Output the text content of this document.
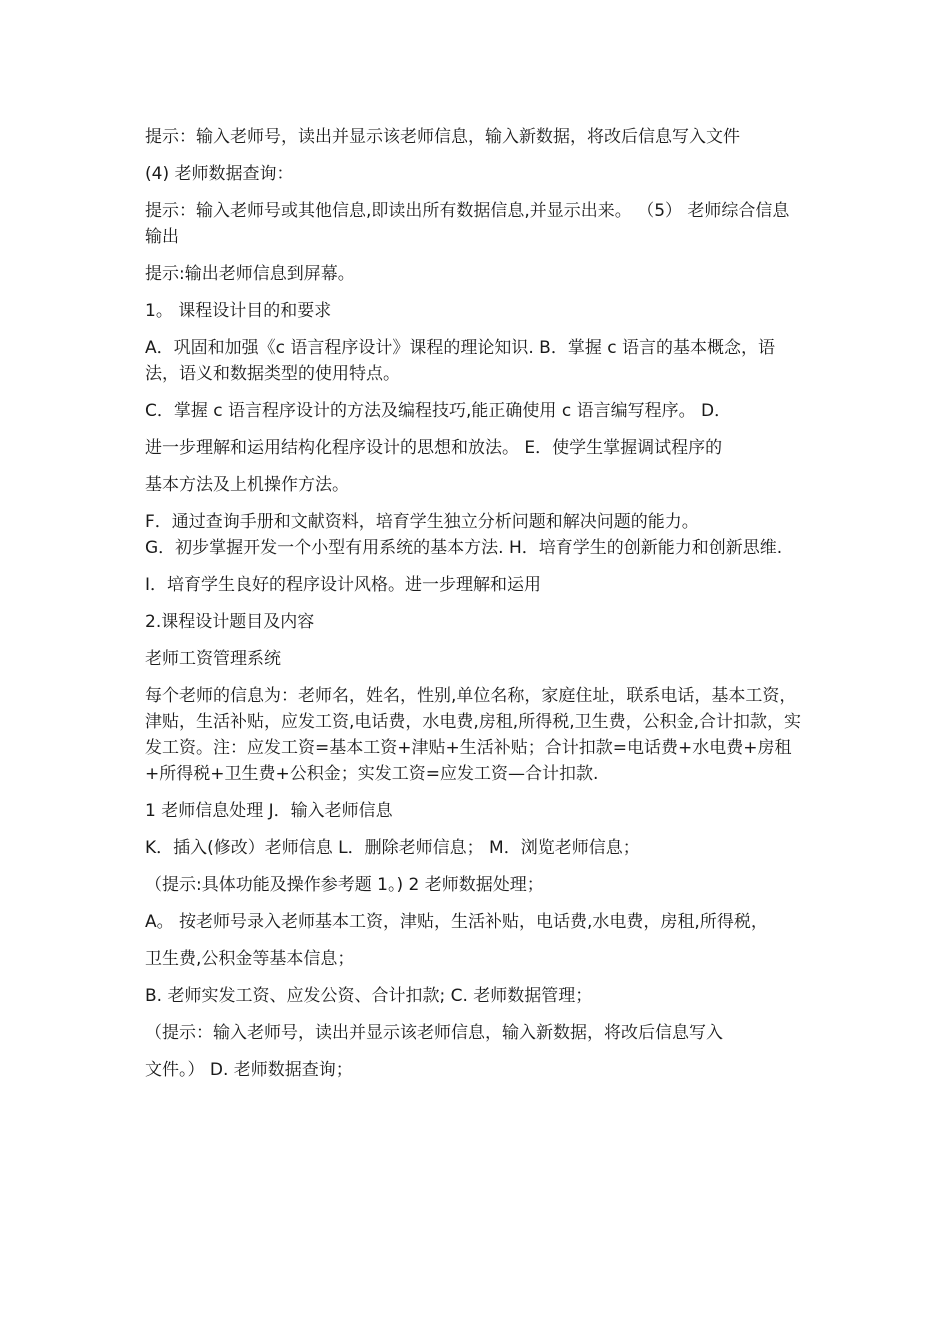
提示：输入老师号，读出并显示该老师信息，输入新数据，将改后信息写入文件

(4) 老师数据查询：

提示：输入老师号或其他信息,即读出所有数据信息,并显示出来。 （5） 老师综合信息输出

提示:输出老师信息到屏幕。

1。 课程设计目的和要求

A．巩固和加强《c 语言程序设计》课程的理论知识. B．掌握 c 语言的基本概念，语法，语义和数据类型的使用特点。

C．掌握 c 语言程序设计的方法及编程技巧,能正确使用 c 语言编写程序。 D．

进一步理解和运用结构化程序设计的思想和放法。 E．使学生掌握调试程序的

基本方法及上机操作方法。

F．通过查询手册和文献资料，培育学生独立分析问题和解决问题的能力。

G．初步掌握开发一个小型有用系统的基本方法. H．培育学生的创新能力和创新思维.

I．培育学生良好的程序设计风格。进一步理解和运用

2.课程设计题目及内容

老师工资管理系统

每个老师的信息为：老师名，姓名，性别,单位名称，家庭住址，联系电话，基本工资，津贴，生活补贴，应发工资,电话费，水电费,房租,所得税,卫生费，公积金,合计扣款，实发工资。注：应发工资=基本工资+津贴+生活补贴；合计扣款=电话费+水电费+房租+所得税+卫生费+公积金；实发工资=应发工资—合计扣款.

1 老师信息处理 J．输入老师信息

K．插入(修改）老师信息 L．删除老师信息； M．浏览老师信息；

（提示:具体功能及操作参考题 1。) 2 老师数据处理；

A。 按老师号录入老师基本工资，津贴，生活补贴，电话费,水电费，房租,所得税，

卫生费,公积金等基本信息；

B. 老师实发工资、应发公资、合计扣款; C. 老师数据管理；

（提示：输入老师号，读出并显示该老师信息，输入新数据，将改后信息写入

文件。） D. 老师数据查询；
